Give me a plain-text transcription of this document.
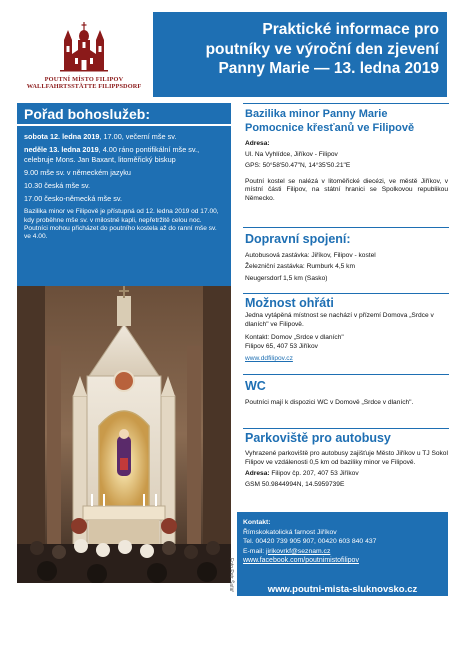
POUTNÍ MÍSTO FILIPOV
WALLFAHRTSSTÄTTE FILIPPSDORF
Praktické informace pro
poutníky ve výroční den zjevení
Panny Marie — 13. ledna 2019
Pořad bohoslužeb:

sobota 12. ledna 2019, 17.00, večerní mše sv.

neděle 13. ledna 2019, 4.00 ráno pontifikální mše sv., celebruje Mons. Jan Baxant, litoměřický biskup

9.00 mše sv. v německém jazyku

10.30 česká mše sv.

17.00 česko-německá mše sv.

Bazilika minor ve Filipově je přístupná od 12. ledna 2019 od 17.00, kdy proběhne mše sv. v milostné kapli, nepřetržitě celou noc. Poutníci mohou přicházet do poutního kostela až do ranní mše sv. ve 4.00.
Foto Petr Šafář
Bazilika minor Panny Marie
Pomocnice křesťanů ve Filipově
Adresa:
Ul. Na Vyhlídce, Jiříkov - Filipov
GPS: 50°58'50.47"N, 14°35'50.21"E
Poutní kostel se nalézá v litoměřické diecézi, ve městě Jiříkov, v místní části Filipov, na státní hranici se Spolkovou republikou Německo.
Dopravní spojení:
Autobusová zastávka: Jiříkov, Filipov - kostel
Železniční zastávka: Rumburk 4,5 km
Neugersdorf 1,5 km (Sasko)
Možnost ohřáti
Jedna vytápěná místnost se nachází v přízemí Domova „Srdce v dlaních" ve Filipově.
Kontakt: Domov „Srdce v dlaních"
Filipov 65, 407 53 Jiříkov
www.ddfilipov.cz
WC
Poutníci mají k dispozici WC v Domově „Srdce v dlaních".
Parkoviště pro autobusy
Vyhrazené parkoviště pro autobusy zajišťuje Město Jiříkov u TJ Sokol Filipov ve vzdálenosti 0,5 km od baziliky minor ve Filipově.
Adresa: Filipov čp. 207, 407 53 Jiříkov
GSM 50.9844994N, 14.5959739E
Kontakt:
Římskokatolická farnost Jiříkov
Tel. 00420 739 905 907, 00420 603 840 437
E-mail: jirikovrkf@seznam.cz
www.facebook.com/poutnimistofilipov
www.poutni-mista-sluknovsko.cz
